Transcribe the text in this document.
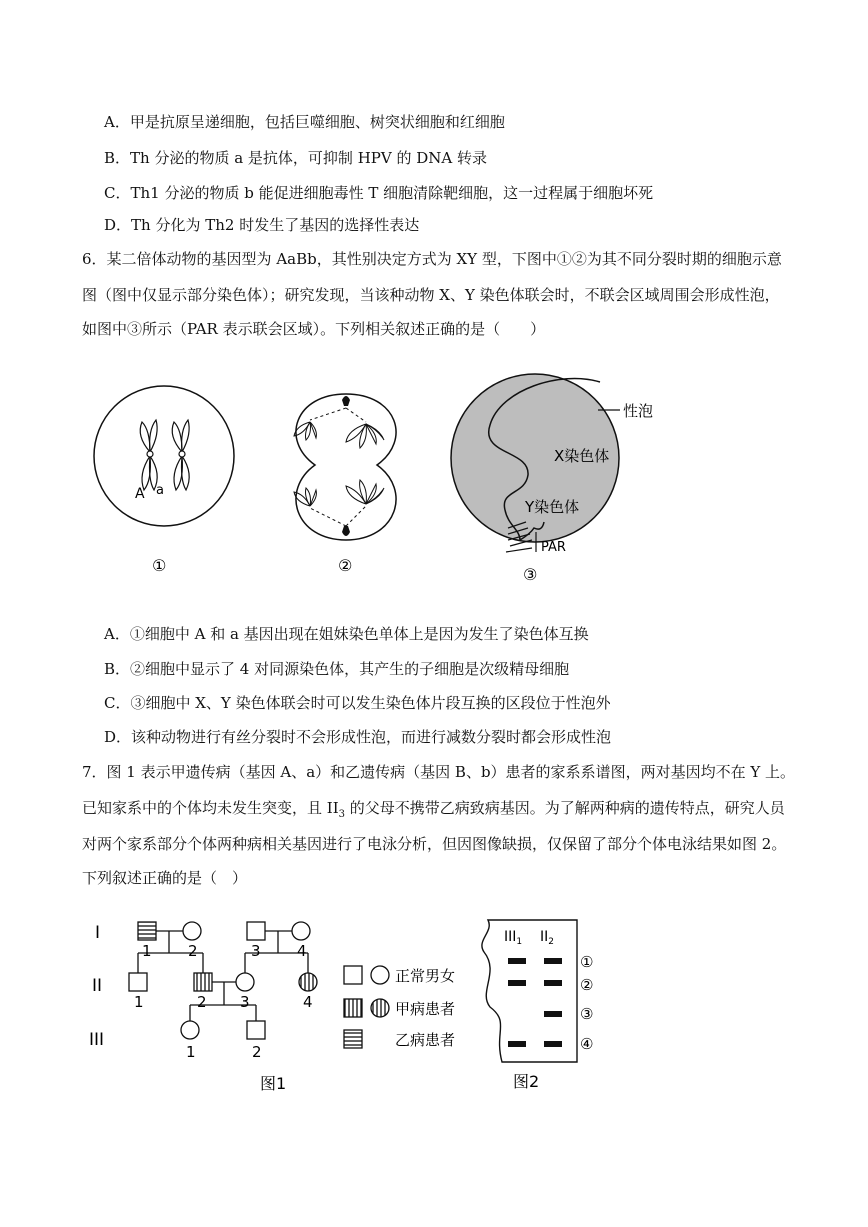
A．甲是抗原呈递细胞，包括巨噬细胞、树突状细胞和红细胞
B．Th 分泌的物质 a 是抗体，可抑制 HPV 的 DNA 转录
C．Th1 分泌的物质 b 能促进细胞毒性 T 细胞清除靶细胞，这一过程属于细胞坏死
D．Th 分化为 Th2 时发生了基因的选择性表达
6．某二倍体动物的基因型为 AaBb，其性别决定方式为 XY 型，下图中①②为其不同分裂时期的细胞示意
图（图中仅显示部分染色体）；研究发现，当该种动物 X、Y 染色体联会时，不联会区域周围会形成性泡，
如图中③所示（PAR 表示联会区域）。下列相关叙述正确的是（　　）
A a
①	②
性泡
X染色体
Y染色体
PAR
③
A．①细胞中 A 和 a 基因出现在姐妹染色单体上是因为发生了染色体互换
B．②细胞中显示了 4 对同源染色体，其产生的子细胞是次级精母细胞
C．③细胞中 X、Y 染色体联会时可以发生染色体片段互换的区段位于性泡外
D．该种动物进行有丝分裂时不会形成性泡，而进行减数分裂时都会形成性泡
7．图 1 表示甲遗传病（基因 A、a）和乙遗传病（基因 B、b）患者的家系系谱图，两对基因均不在 Y 上。
已知家系中的个体均未发生突变，且 $II_3$ 的父母不携带乙病致病基因。为了解两种病的遗传特点，研究人员
对两个家系部分个体两种病相关基因进行了电泳分析，但因图像缺损，仅保留了部分个体电泳结果如图 2。
下列叙述正确的是（　）
I
II
III
1 2	3 4
1	2 3	4
1	2
图1
正常男女
甲病患者
乙病患者
$III_1$ $II_2$
①
②
③
④
图2
